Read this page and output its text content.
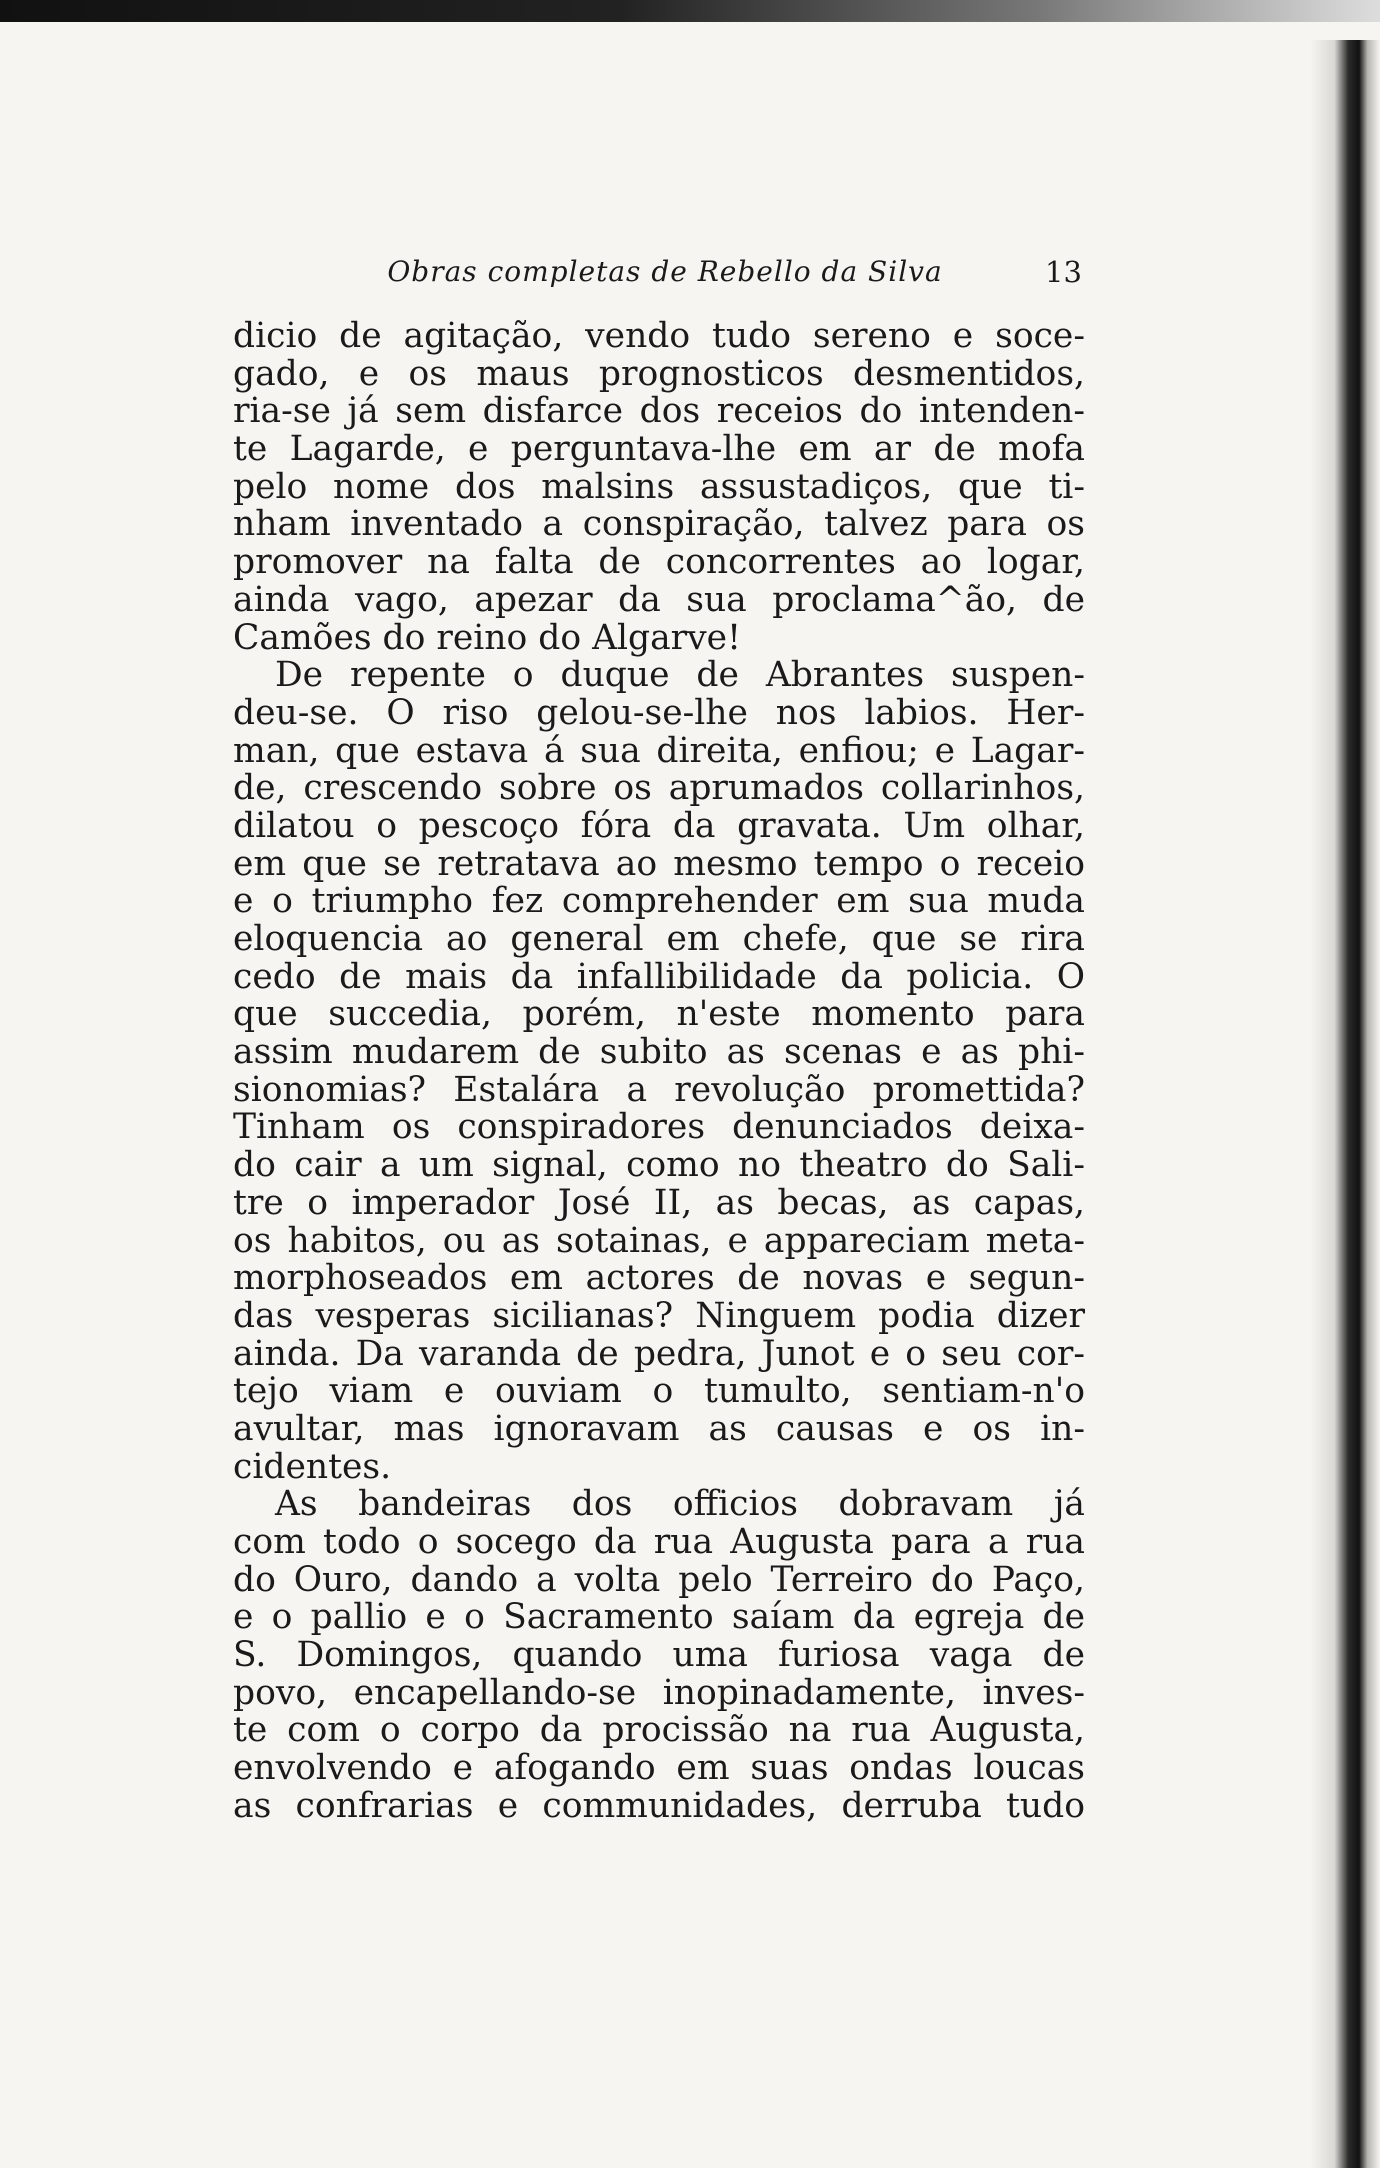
Obras completas de Rebello da Silva	13
dicio de agitação, vendo tudo sereno e soce-
gado, e os maus prognosticos desmentidos,
ria-se já sem disfarce dos receios do intenden-
te Lagarde, e perguntava-lhe em ar de mofa
pelo nome dos malsins assustadiços, que ti-
nham inventado a conspiração, talvez para os
promover na falta de concorrentes ao logar,
ainda vago, apezar da sua proclama^ão, de
Camões do reino do Algarve!
De repente o duque de Abrantes suspen-
deu-se. O riso gelou-se-lhe nos labios. Her-
man, que estava á sua direita, enfiou; e Lagar-
de, crescendo sobre os aprumados collarinhos,
dilatou o pescoço fóra da gravata. Um olhar,
em que se retratava ao mesmo tempo o receio
e o triumpho fez comprehender em sua muda
eloquencia ao general em chefe, que se rira
cedo de mais da infallibilidade da policia. O
que succedia, porém, n'este momento para
assim mudarem de subito as scenas e as phi-
sionomias? Estalára a revolução promettida?
Tinham os conspiradores denunciados deixa-
do cair a um signal, como no theatro do Sali-
tre o imperador José II, as becas, as capas,
os habitos, ou as sotainas, e appareciam meta-
morphoseados em actores de novas e segun-
das vesperas sicilianas? Ninguem podia dizer
ainda. Da varanda de pedra, Junot e o seu cor-
tejo viam e ouviam o tumulto, sentiam-n'o
avultar, mas ignoravam as causas e os in-
cidentes.
As bandeiras dos officios dobravam já
com todo o socego da rua Augusta para a rua
do Ouro, dando a volta pelo Terreiro do Paço,
e o pallio e o Sacramento saíam da egreja de
S. Domingos, quando uma furiosa vaga de
povo, encapellando-se inopinadamente, inves-
te com o corpo da procissão na rua Augusta,
envolvendo e afogando em suas ondas loucas
as confrarias e communidades, derruba tudo
